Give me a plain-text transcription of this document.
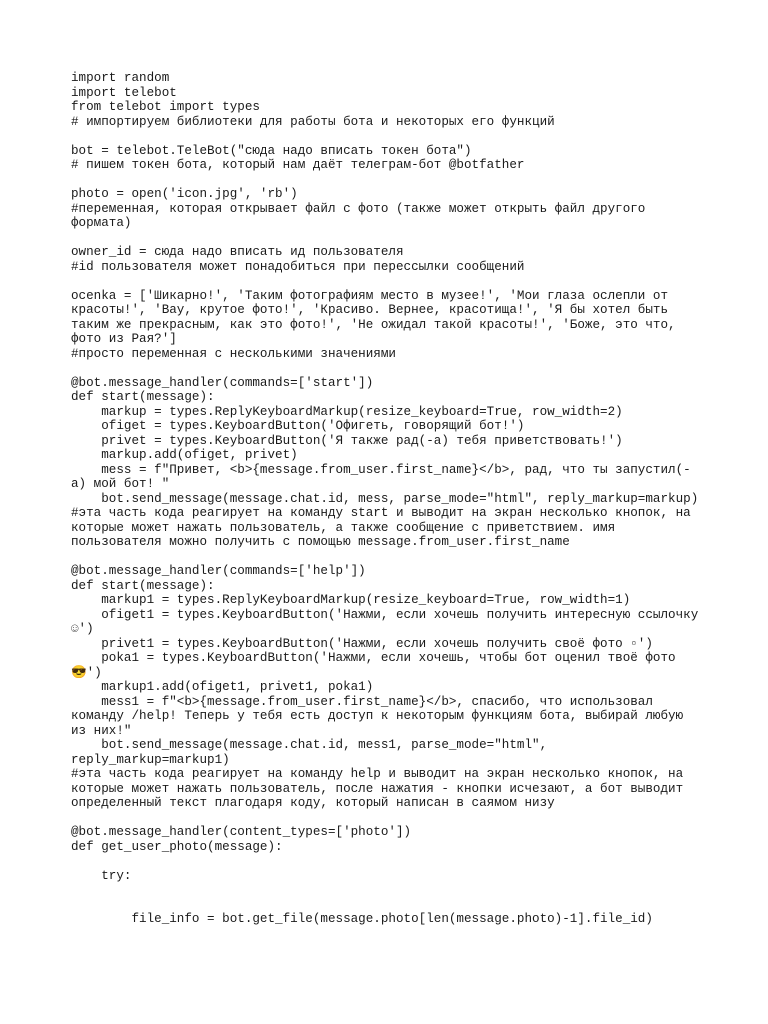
import random
import telebot
from telebot import types
# импортируем библиотеки для работы бота и некоторых его функций
bot = telebot.TeleBot("сюда надо вписать токен бота")
# пишем токен бота, который нам даёт телеграм-бот @botfather
photo = open('icon.jpg', 'rb')
#переменная, которая открывает файл с фото (также может открыть файл другого
формата)
owner_id = сюда надо вписать ид пользователя
#id пользователя может понадобиться при пересcылки сообщений
ocenka = ['Шикарно!', 'Таким фотографиям место в музее!', 'Мои глаза ослепли от
красоты!', 'Вау, крутое фото!', 'Красиво. Вернее, красотища!', 'Я бы хотел быть
таким же прекрасным, как это фото!', 'Не ожидал такой красоты!', 'Боже, это что,
фото из Рая?']
#просто переменная с несколькими значениями
@bot.message_handler(commands=['start'])
def start(message):
markup = types.ReplyKeyboardMarkup(resize_keyboard=True, row_width=2)
ofiget = types.KeyboardButton('Офигеть, говорящий бот!')
privet = types.KeyboardButton('Я также рад(-а) тебя приветствовать!')
markup.add(ofiget, privet)
mess = f"Привет, <b>{message.from_user.first_name}</b>, рад, что ты запустил(-
а) мой бот! "
bot.send_message(message.chat.id, mess, parse_mode="html", reply_markup=markup)
#эта часть кода реагирует на команду start и выводит на экран несколько кнопок, на
которые может нажать пользователь, а также сообщение с приветствием. имя
пользователя можно получить с помощью message.from_user.first_name
@bot.message_handler(commands=['help'])
def start(message):
markup1 = types.ReplyKeyboardMarkup(resize_keyboard=True, row_width=1)
ofiget1 = types.KeyboardButton('Нажми, если хочешь получить интересную ссылочку
☺')
privet1 = types.KeyboardButton('Нажми, если хочешь получить своё фото ▫')
poka1 = types.KeyboardButton('Нажми, если хочешь, чтобы бот оценил твоё фото
😎')
markup1.add(ofiget1, privet1, poka1)
mess1 = f"<b>{message.from_user.first_name}</b>, спасибо, что использовал
команду /help! Теперь у тебя есть доступ к некоторым функциям бота, выбирай любую
из них!"
bot.send_message(message.chat.id, mess1, parse_mode="html",
reply_markup=markup1)
#эта часть кода реагирует на команду help и выводит на экран несколько кнопок, на
которые может нажать пользователь, после нажатия - кнопки исчезают, а бот выводит
определенный текст плагодаря коду, который написан в саямом низу
@bot.message_handler(content_types=['photo'])
def get_user_photo(message):
try:
file_info = bot.get_file(message.photo[len(message.photo)-1].file_id)
